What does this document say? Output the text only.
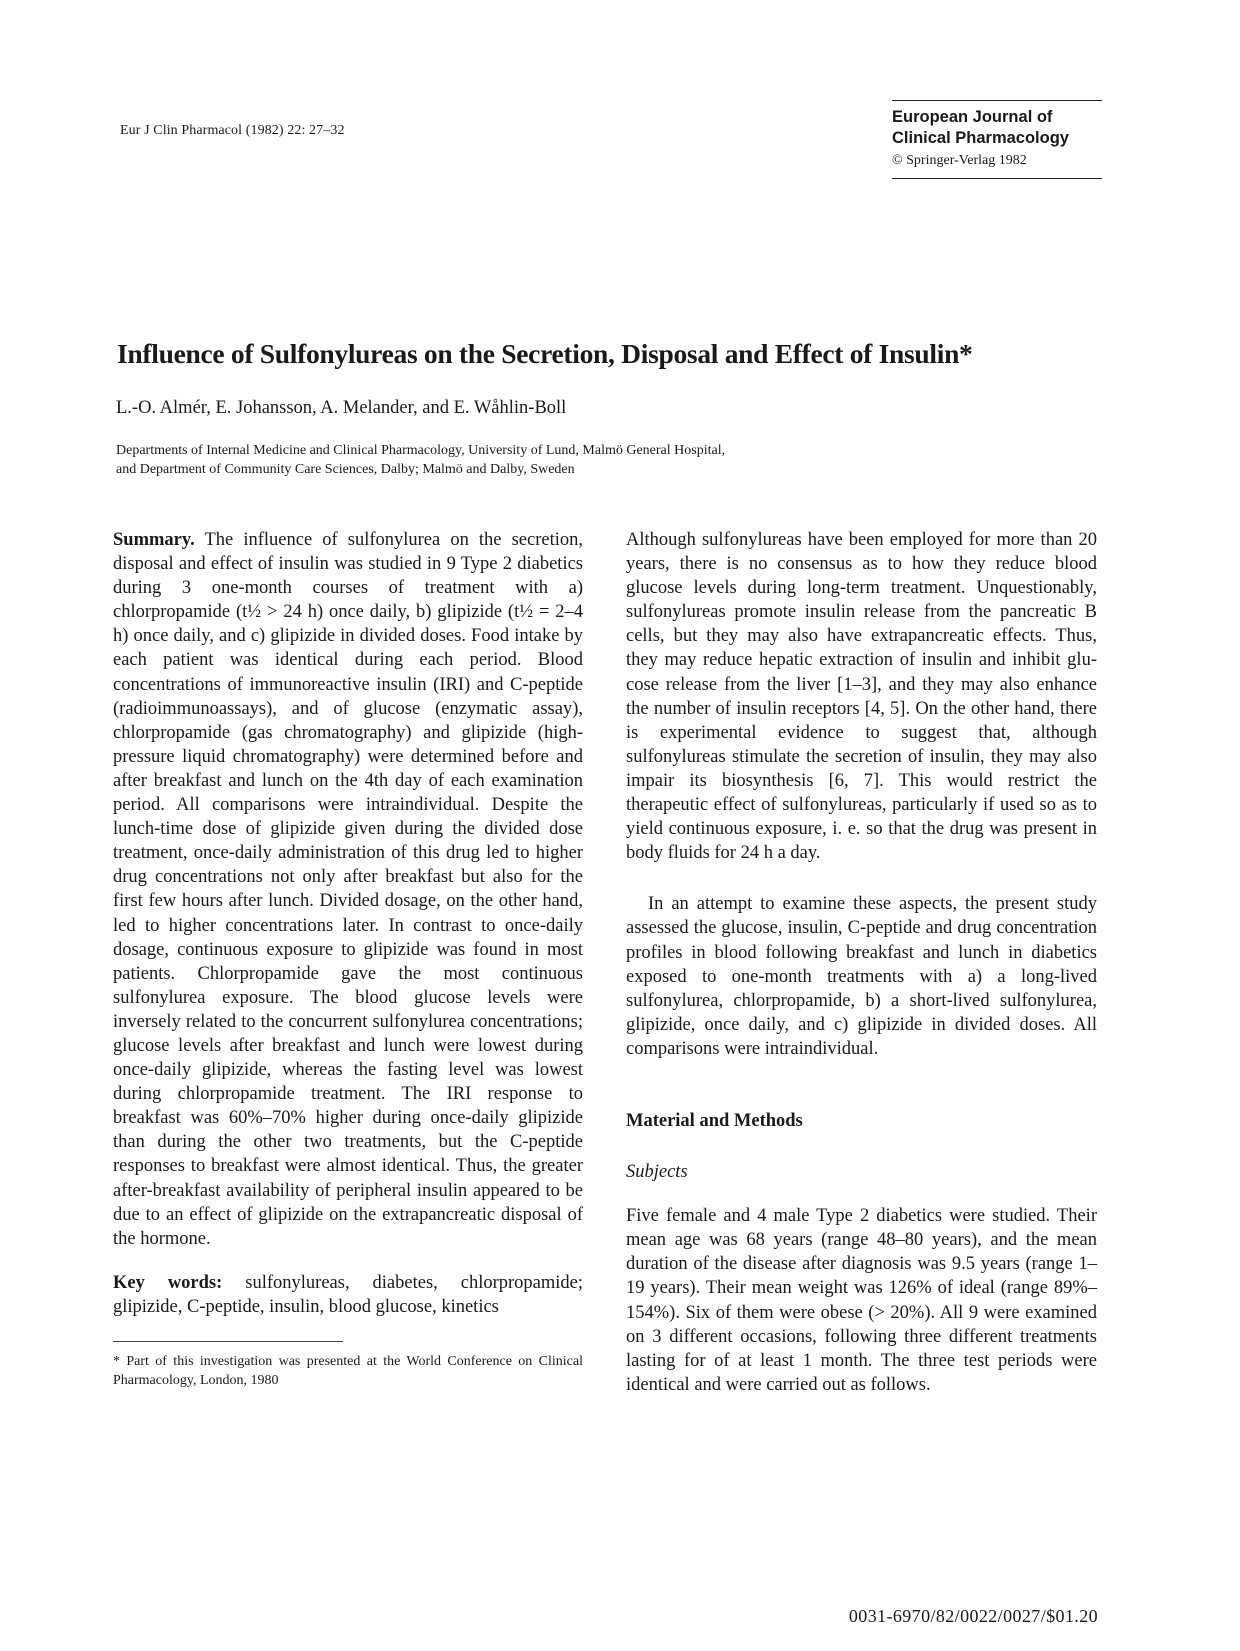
Eur J Clin Pharmacol (1982) 22: 27–32

European Journal of

Clinical Pharmacology

© Springer-Verlag 1982
Influence of Sulfonylureas on the Secretion, Disposal and Effect of Insulin*

L.-O. Almér, E. Johansson, A. Melander, and E. Wåhlin-Boll

Departments of Internal Medicine and Clinical Pharmacology, University of Lund, Malmö General Hospital,
and Department of Community Care Sciences, Dalby; Malmö and Dalby, Sweden

Summary. The influence of sulfonylurea on the secretion, disposal and effect of insulin was studied in 9 Type 2 diabetics during 3 one-month courses of treatment with a) chlorpropamide (t½ > 24 h) once daily, b) glipizide (t½ = 2–4 h) once daily, and c) glipizide in divided doses. Food intake by each patient was identical during each period. Blood concentrations of immunoreactive insulin (IRI) and C-peptide (radioimmunoassays), and of glucose (enzymatic assay), chlorpropamide (gas chromatography) and glipizide (high-pressure liquid chromatography) were determined before and after breakfast and lunch on the 4th day of each examination period. All comparisons were intraindividual. Despite the lunch-time dose of glipizide given during the divided dose treatment, once-daily administration of this drug led to higher drug concentrations not only after breakfast but also for the first few hours after lunch. Divided dosage, on the other hand, led to higher concentrations later. In contrast to once-daily dosage, continuous exposure to glipizide was found in most patients. Chlorpropamide gave the most continuous sulfonylurea exposure. The blood glucose levels were inversely related to the concurrent sulfonylurea concentrations; glucose levels after breakfast and lunch were lowest during once-daily glipizide, whereas the fasting level was lowest during chlorpropamide treatment. The IRI response to breakfast was 60%–70% higher during once-daily glipizide than during the other two treatments, but the C-peptide responses to breakfast were almost identical. Thus, the greater after-breakfast availability of peripheral insulin appeared to be due to an effect of glipizide on the extrapancreatic disposal of the hormone.

Key words: sulfonylureas, diabetes, chlorpropamide; glipizide, C-peptide, insulin, blood glucose, kinetics

* Part of this investigation was presented at the World Conference on Clinical Pharmacology, London, 1980

Although sulfonylureas have been employed for more than 20 years, there is no consensus as to how they reduce blood glucose levels during long-term treatment. Unquestionably, sulfonylureas promote insulin release from the pancreatic B cells, but they may also have extrapancreatic effects. Thus, they may reduce hepatic extraction of insulin and inhibit glucose release from the liver [1–3], and they may also enhance the number of insulin receptors [4, 5]. On the other hand, there is experimental evidence to suggest that, although sulfonylureas stimulate the secretion of insulin, they may also impair its biosynthesis [6, 7]. This would restrict the therapeutic effect of sulfonylureas, particularly if used so as to yield continuous exposure, i. e. so that the drug was present in body fluids for 24 h a day.

In an attempt to examine these aspects, the present study assessed the glucose, insulin, C-peptide and drug concentration profiles in blood following breakfast and lunch in diabetics exposed to one-month treatments with a) a long-lived sulfonylurea, chlorpropamide, b) a short-lived sulfonylurea, glipizide, once daily, and c) glipizide in divided doses. All comparisons were intraindividual.

Material and Methods

Subjects

Five female and 4 male Type 2 diabetics were studied. Their mean age was 68 years (range 48–80 years), and the mean duration of the disease after diagnosis was 9.5 years (range 1–19 years). Their mean weight was 126% of ideal (range 89%–154%). Six of them were obese (> 20%). All 9 were examined on 3 different occasions, following three different treatments lasting for of at least 1 month. The three test periods were identical and were carried out as follows.

0031-6970/82/0022/0027/$01.20
